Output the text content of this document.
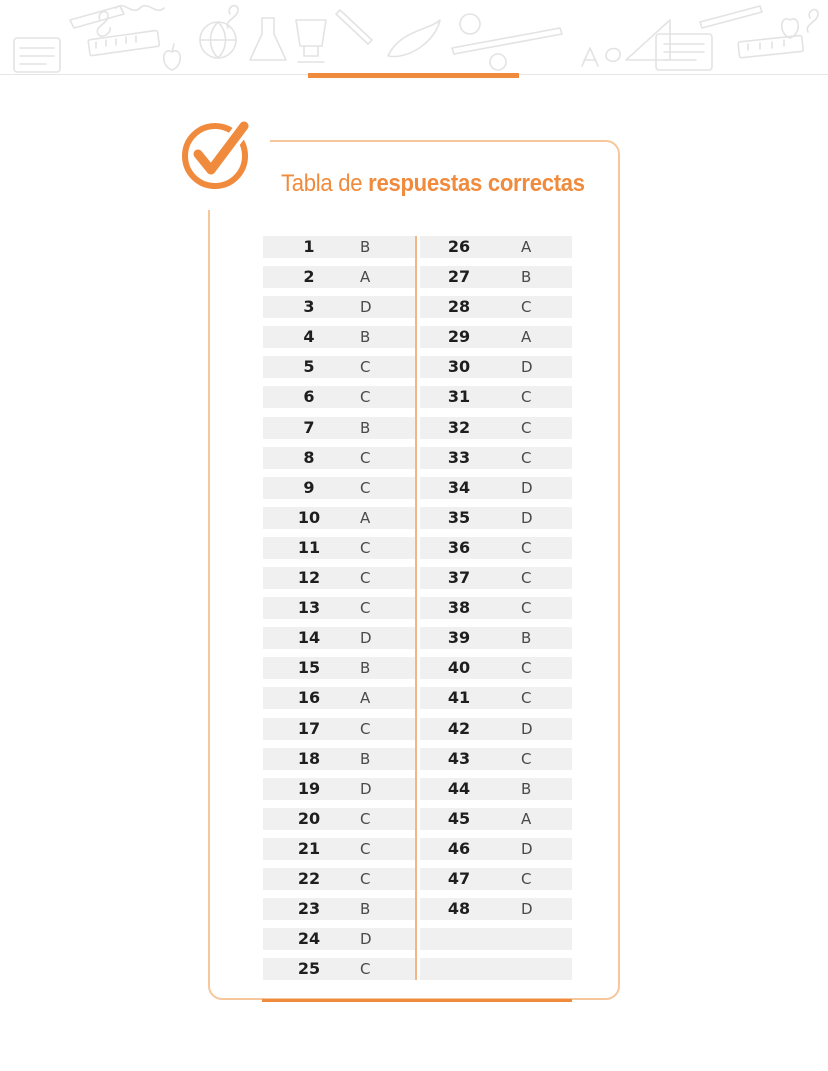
Tabla de respuestas correctas
1	B
2	A
3	D
4	B
5	C
6	C
7	B
8	C
9	C
10	A
11	C
12	C
13	C
14	D
15	B
16	A
17	C
18	B
19	D
20	C
21	C
22	C
23	B
24	D
25	C
26	A
27	B
28	C
29	A
30	D
31	C
32	C
33	C
34	D
35	D
36	C
37	C
38	C
39	B
40	C
41	C
42	D
43	C
44	B
45	A
46	D
47	C
48	D
